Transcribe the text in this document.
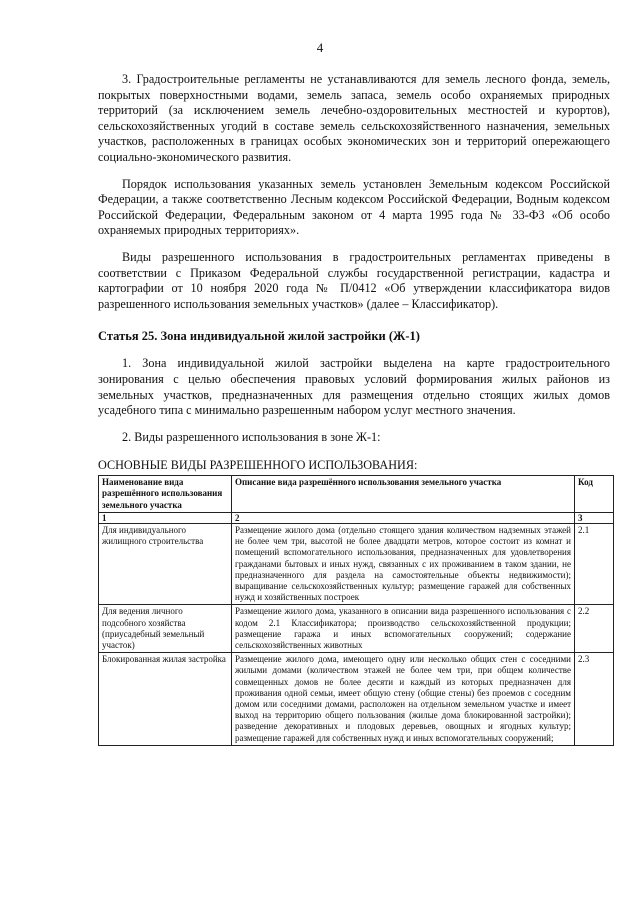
4

3. Градостроительные регламенты не устанавливаются для земель лесного фонда, земель, покрытых поверхностными водами, земель запаса, земель особо охраняемых природных территорий (за исключением земель лечебно-оздоровительных местностей и курортов), сельскохозяйственных угодий в составе земель сельскохозяйственного назначения, земельных участков, расположенных в границах особых экономических зон и территорий опережающего социально-экономического развития.

Порядок использования указанных земель установлен Земельным кодексом Российской Федерации, а также соответственно Лесным кодексом Российской Федерации, Водным кодексом Российской Федерации, Федеральным законом от 4 марта 1995 года № 33-ФЗ «Об особо охраняемых природных территориях».

Виды разрешенного использования в градостроительных регламентах приведены в соответствии с Приказом Федеральной службы государственной регистрации, кадастра и картографии от 10 ноября 2020 года № П/0412 «Об утверждении классификатора видов разрешенного использования земельных участков» (далее – Классификатор).

Статья 25. Зона индивидуальной жилой застройки (Ж-1)

1. Зона индивидуальной жилой застройки выделена на карте градостроительного зонирования с целью обеспечения правовых условий формирования жилых районов из земельных участков, предназначенных для размещения отдельно стоящих жилых домов усадебного типа с минимально разрешенным набором услуг местного значения.

2. Виды разрешенного использования в зоне Ж-1:

ОСНОВНЫЕ ВИДЫ РАЗРЕШЕННОГО ИСПОЛЬЗОВАНИЯ:
Наименование вида разрешённого использования земельного участка	Описание вида разрешённого использования земельного участка	Код
1	2	3
Для индивидуального жилищного строительства	Размещение жилого дома (отдельно стоящего здания количеством надземных этажей не более чем три, высотой не более двадцати метров, которое состоит из комнат и помещений вспомогательного использования, предназначенных для удовлетворения гражданами бытовых и иных нужд, связанных с их проживанием в таком здании, не предназначенного для раздела на самостоятельные объекты недвижимости); выращивание сельскохозяйственных культур; размещение гаражей для собственных нужд и хозяйственных построек	2.1
Для ведения личного подсобного хозяйства (приусадебный земельный участок)	Размещение жилого дома, указанного в описании вида разрешенного использования с кодом 2.1 Классификатора; производство сельскохозяйственной продукции; размещение гаража и иных вспомогательных сооружений; содержание сельскохозяйственных животных	2.2
Блокированная жилая застройка	Размещение жилого дома, имеющего одну или несколько общих стен с соседними жилыми домами (количеством этажей не более чем три, при общем количестве совмещенных домов не более десяти и каждый из которых предназначен для проживания одной семьи, имеет общую стену (общие стены) без проемов с соседним домом или соседними домами, расположен на отдельном земельном участке и имеет выход на территорию общего пользования (жилые дома блокированной застройки); разведение декоративных и плодовых деревьев, овощных и ягодных культур; размещение гаражей для собственных нужд и иных вспомогательных сооружений;	2.3
